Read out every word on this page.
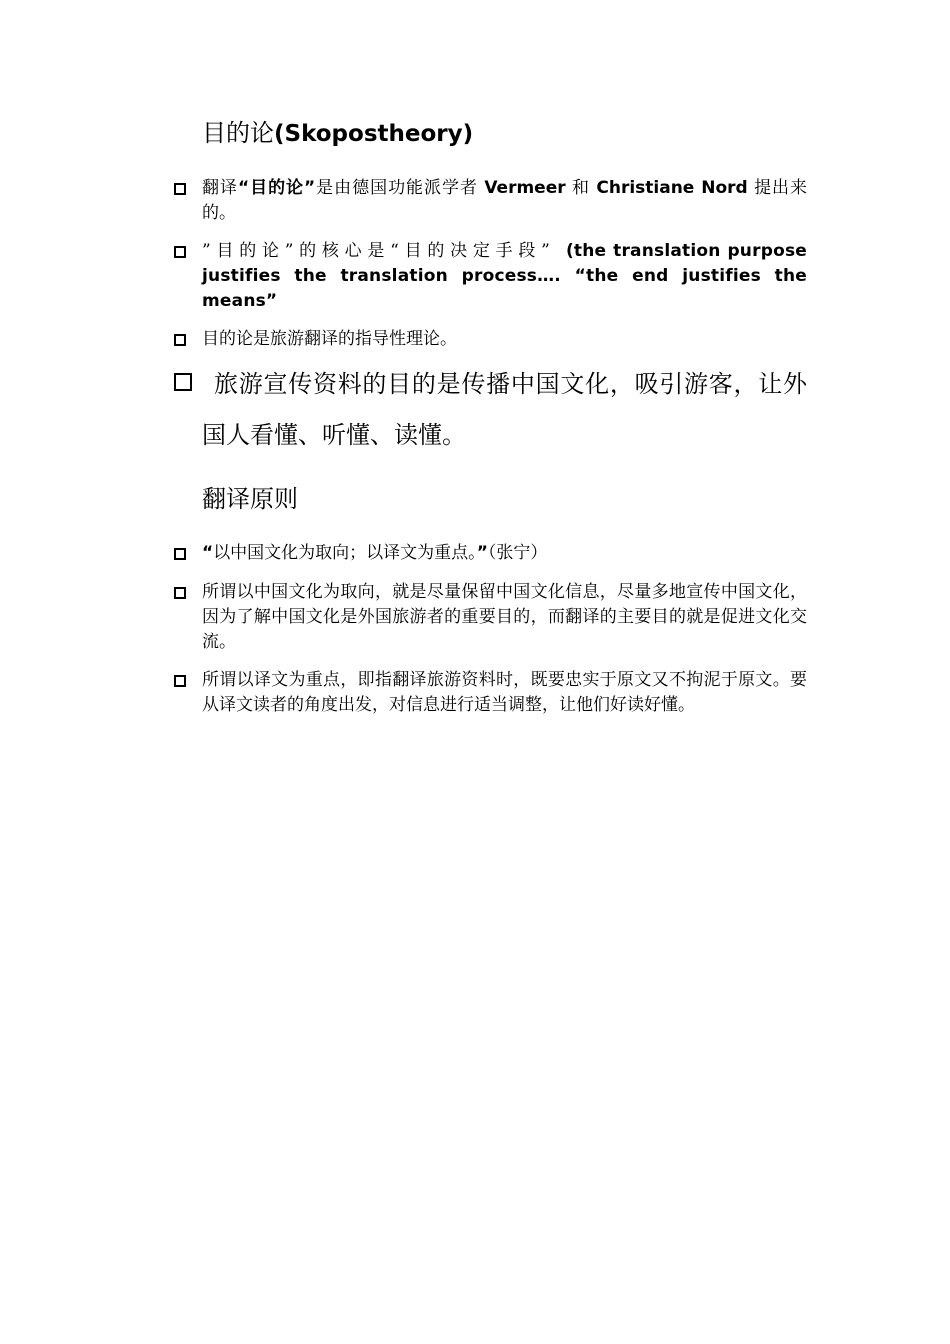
目的论(Skopostheory)
翻译“目的论”是由德国功能派学者 Vermeer 和 Christiane Nord 提出来的。
”目的论”的核心是“目的决定手段” (the translation purpose justifies the translation process…. “the end justifies the means”
目的论是旅游翻译的指导性理论。
旅游宣传资料的目的是传播中国文化，吸引游客，让外国人看懂、听懂、读懂。
翻译原则
“以中国文化为取向；以译文为重点。”（张宁）
所谓以中国文化为取向，就是尽量保留中国文化信息，尽量多地宣传中国文化，因为了解中国文化是外国旅游者的重要目的，而翻译的主要目的就是促进文化交流。
所谓以译文为重点，即指翻译旅游资料时，既要忠实于原文又不拘泥于原文。要从译文读者的角度出发，对信息进行适当调整，让他们好读好懂。
